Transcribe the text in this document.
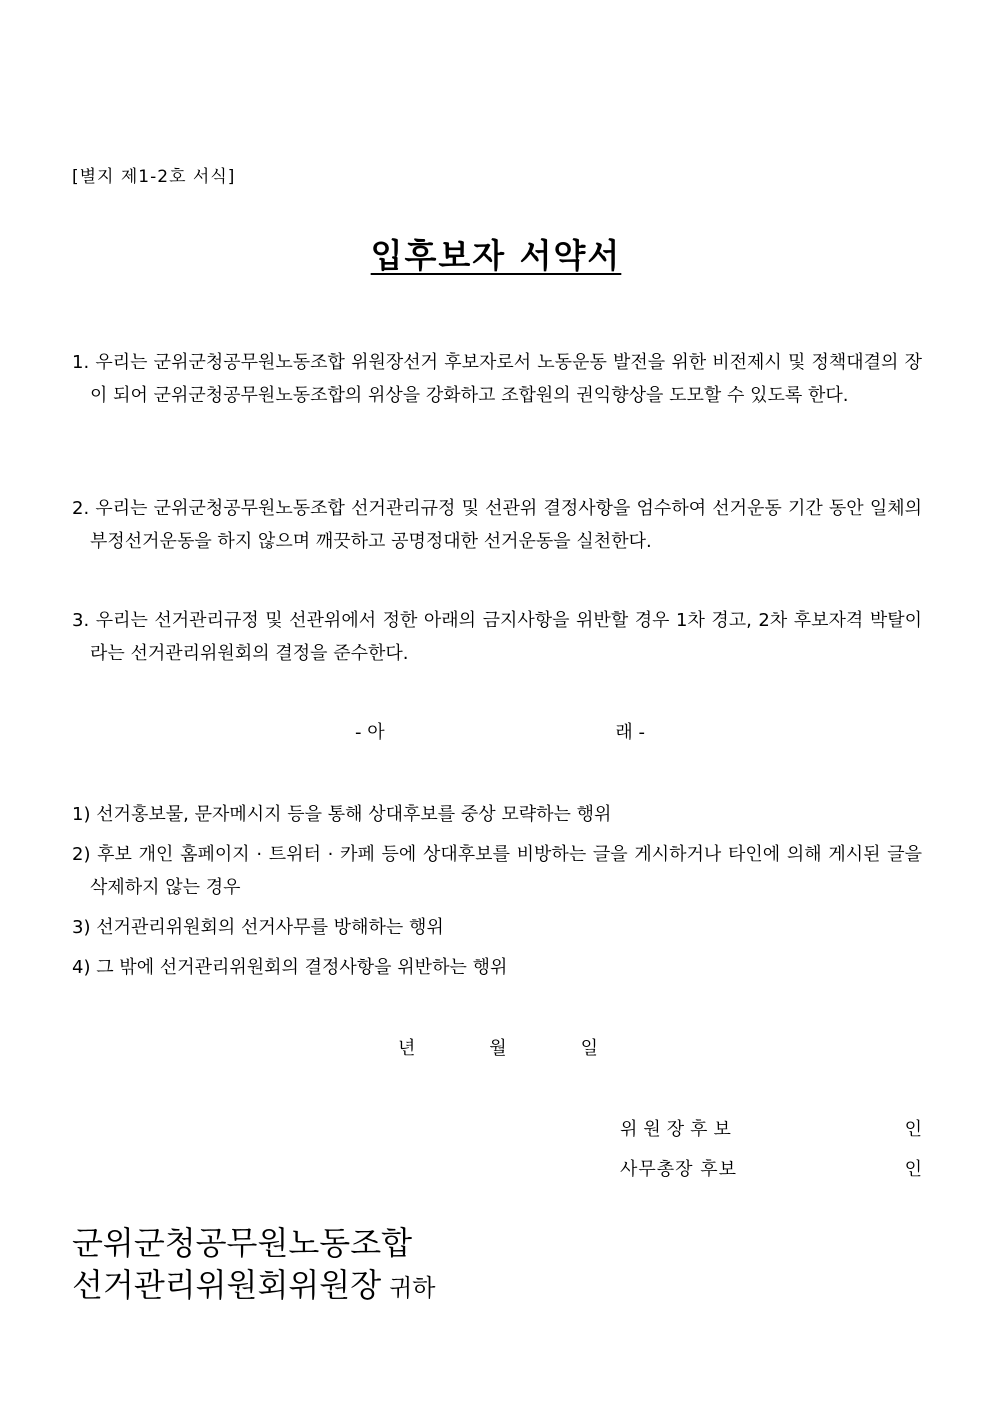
[별지 제1-2호 서식]
입후보자 서약서
1. 우리는 군위군청공무원노동조합 위원장선거 후보자로서 노동운동 발전을 위한 비전제시 및 정책대결의 장이 되어 군위군청공무원노동조합의 위상을 강화하고 조합원의 권익향상을 도모할 수 있도록 한다.
2. 우리는 군위군청공무원노동조합 선거관리규정 및 선관위 결정사항을 엄수하여 선거운동 기간 동안 일체의 부정선거운동을 하지 않으며 깨끗하고 공명정대한 선거운동을 실천한다.
3. 우리는 선거관리규정 및 선관위에서 정한 아래의 금지사항을 위반할 경우 1차 경고, 2차 후보자격 박탈이라는 선거관리위원회의 결정을 준수한다.
- 아	래 -
1) 선거홍보물, 문자메시지 등을 통해 상대후보를 중상 모략하는 행위
2) 후보 개인 홈페이지 · 트위터 · 카페 등에 상대후보를 비방하는 글을 게시하거나 타인에 의해 게시된 글을 삭제하지 않는 경우
3) 선거관리위원회의 선거사무를 방해하는 행위
4) 그 밖에 선거관리위원회의 결정사항을 위반하는 행위
년	월	일
위원장후보	인
사무총장 후보	인
군위군청공무원노동조합
선거관리위원회위원장 귀하
